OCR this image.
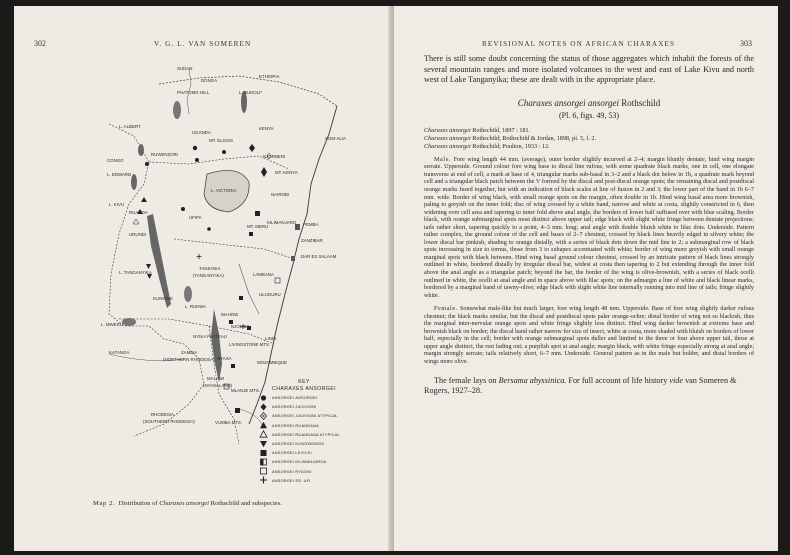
302	V. G. L. VAN SOMEREN
SUDAN
DONGA
ETHIOPIA
PHATOMG HILL	L. RUDOLF
UGANDA
KENYA
SOM-ALIA
L. ALBERT
MT. ELGON
NJORBENI
CONGO
RUWENZORI
MT. KENYA
L. EDWARD
L. VICTORIA
L. KIVU
RUANDA
NAIROBI
URUNDI
KILIMANJARO
UFIPA
MT. MERU	PEMBA
TANZANIA
(TANGANYIKA)
ZANZIBAR
LAMBANA
DAR ES SALAAM
L. TANGANYIKA
KUNGWE
ULUGURU
L. RUKWA
MAHOW
NJOMBE
L. MWERU
NYIKA PLATEAU
LIVINGSTONE MTS.
LINDI
KATANGA	ZAMBIA
(NORTHERN RHODESIA) NYASA
MOZAMBIQUE
MALAWI
(NYASALAND)
MLANJE MTS.
VUMBA MTS.
RHODESIA
(SOUTHERN RHODESIA)
KEY
CHARAXES ANSORGEI
ANSORGEI ANSORGEI
ANSORGEI JACKSONI
ANSORGEI JACKSONI ATYPICAL
ANSORGEI RUANDANA
ANSORGEI RUANDANA ATYPICAL
ANSORGEI KUNGWENSIS
ANSORGEI LEVICKI
ANSORGEI KILIMANJAROA
ANSORGEI RYDONI
ANSORGEI SS. UFI
Map 2. Distribution of Charaxes ansorgei Rothschild and subspecies.
REVISIONAL NOTES ON AFRICAN CHARAXES	303

There is still some doubt concerning the status of those aggregates which inhabit the forests of the several mountain ranges and more isolated volcanoes to the west and east of Lake Kivu and north west of Lake Tanganyika; these are dealt with in the appropriate place.

Charaxes ansorgei ansorgei Rothschild
(Pl. 6, figs. 49, 53)
Charaxes ansorgei Rothschild, 1897 : 181.
Charaxes ansorgei Rothschild; Rothschild & Jordan, 1898, pl. 5, f. 2.
Charaxes ansorgei Rothschild; Poulton, 1933 : 12.

Male. Fore wing length 44 mm. (average), outer border slightly incurved at 2–4; margin bluntly dentate, hind wing margin serrate. Upperside. Ground colour fore wing base to discal line rufous, with some quadrate black marks, one in cell, one elongate transverse at end of cell, a mark at base of 4, triangular marks sub-basal in 3–2 and a black dot below in 1b, a quadrate mark beyond cell and a triangular black patch between the V formed by the discal and post-discal orange spots; the remaining discal and postdiscal orange marks fused together, but with an indication of black scales at line of fusion in 2 and 3; the lower part of the band in 1b 6–7 mm. wide. Border of wing black, with small orange spots on the margin, often double in 1b. Hind wing basal area more brownish, paling to greyish on the inner fold; disc of wing crossed by a white band, narrow and white at costa, slightly constricted in 6, then widening over cell area and tapering to inner fold above anal angle, the borders of lower half suffused over with blue scaling. Border black, with orange submarginal spots most distinct above upper tail; edge black with slight white fringe between dentate projections; tails rather short, tapering quickly to a point, 4–3 mm. long; anal angle with double bluish white to lilac dots. Underside. Pattern rather complex, the ground colour of the cell and bases of 2–7 chestnut, crossed by black lines heavily edged in silvery white; the lower discal bar pinkish, shading to orange distally, with a series of black dots down the mid line to 2; a submarginal row of black spots increasing in size to tornus, those from 3 to subapex accentuated with white; border of wing more greyish with small orange marginal spots with black between. Hind wing basal ground colour chestnut, crossed by an intricate pattern of black lines strongly outlined in white, bordered distally by irregular discal bar, widest at costa then tapering to 2 but extending through the inner fold above the anal angle as a triangular patch; beyond the bar, the border of the wing is olive-brownish, with a series of black ocelli outlined in white, the ocelli at anal angle and in space above with lilac spots; on the admargin a line of white and black linear marks, bordered by a marginal band of tawny-olive; edge black with slight white line internally running into mid line of tails; fringe slightly white.

Female. Somewhat male-like but much larger, fore wing length 48 mm. Upperside. Base of fore wing slightly darker rufous chestnut; the black marks similar, but the discal and postdiscal spots paler orange-ochre; distal border of wing not so blackish, thus the marginal inter-nervular orange spots and white fringe slightly less distinct. Hind wing darker brownish at extreme base and brownish black on border; the discal band rather narrow for size of insect, white at costa, more shaded with bluish on borders of lower half, especially in the cell; border with orange submarginal spots duller and limited to the three or four above upper tail, those at upper angle distinct, the rest fading out; a purplish spot at anal angle; margin black, with white fringe especially strong at anal angle; margin strongly serrate; tails relatively short, 6–7 mm. Underside. General pattern as in the male but bolder, and distal borders of wings more olive.

The female lays on Bersama abyssinica. For full account of life history vide van Someren & Rogers, 1927–28.
